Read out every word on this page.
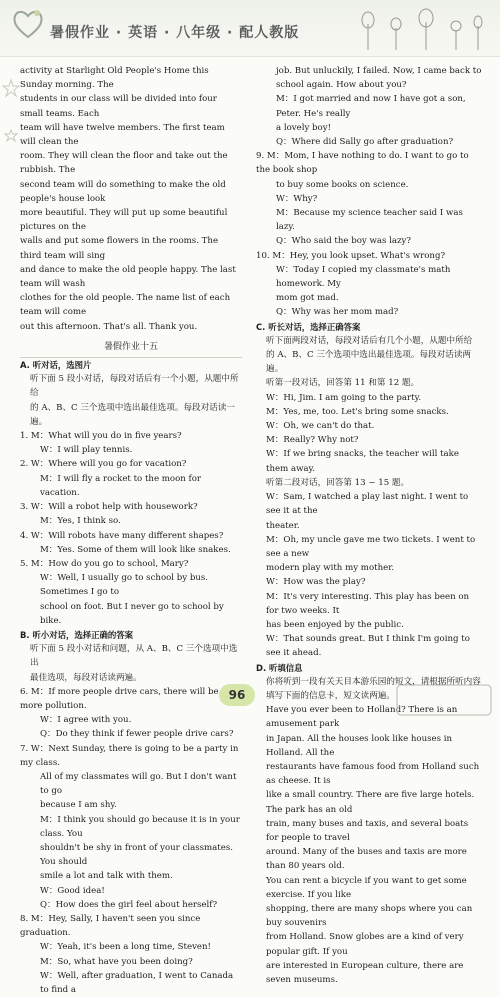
暑假作业 · 英语 · 八年级 · 配人教版

activity at Starlight Old People's Home this Sunday morning. The

students in our class will be divided into four small teams. Each

team will have twelve members. The first team will clean the

room. They will clean the floor and take out the rubbish. The

second team will do something to make the old people's house look

more beautiful. They will put up some beautiful pictures on the

walls and put some flowers in the rooms. The third team will sing

and dance to make the old people happy. The last team will wash

clothes for the old people. The name list of each team will come

out this afternoon. That's all. Thank you.

暑假作业十五

A. 听对话，选图片

听下面 5 段小对话，每段对话后有一个小题，从题中所给

的 A、B、C 三个选项中选出最佳选项。每段对话读一遍。

1. M：What will you do in five years?

W：I will play tennis.

2. W：Where will you go for vacation?

M：I will fly a rocket to the moon for vacation.

3. W：Will a robot help with housework?

M：Yes, I think so.

4. W：Will robots have many different shapes?

M：Yes. Some of them will look like snakes.

5. M：How do you go to school, Mary?

W：Well, I usually go to school by bus. Sometimes I go to

school on foot. But I never go to school by bike.

B. 听小对话，选择正确的答案

听下面 5 段小对话和问题，从 A、B、C 三个选项中选出

最佳选项，每段对话读两遍。

6. M：If more people drive cars, there will be more pollution.

W：I agree with you.

Q：Do they think if fewer people drive cars?

7. W：Next Sunday, there is going to be a party in my class.

All of my classmates will go. But I don't want to go

because I am shy.

M：I think you should go because it is in your class. You

shouldn't be shy in front of your classmates. You should

smile a lot and talk with them.

W：Good idea!

Q：How does the girl feel about herself?

8. M：Hey, Sally, I haven't seen you since graduation.

W：Yeah, it's been a long time, Steven!

M：So, what have you been doing?

W：Well, after graduation, I went to Canada to find a

job. But unluckily, I failed. Now, I came back to

school again. How about you?

M：I got married and now I have got a son, Peter. He's really

a lovely boy!

Q：Where did Sally go after graduation?

9. M：Mom, I have nothing to do. I want to go to the book shop

to buy some books on science.

W：Why?

M：Because my science teacher said I was lazy.

Q：Who said the boy was lazy?

10. M：Hey, you look upset. What's wrong?

W：Today I copied my classmate's math homework. My

mom got mad.

Q：Why was her mom mad?

C. 听长对话，选择正确答案

听下面两段对话，每段对话后有几个小题，从题中所给

的 A、B、C 三个选项中选出最佳选项。每段对话读两遍。

听第一段对话，回答第 11 和第 12 题。

W：Hi, Jim. I am going to the party.

M：Yes, me, too. Let's bring some snacks.

W：Oh, we can't do that.

M：Really? Why not?

W：If we bring snacks, the teacher will take them away.

听第二段对话，回答第 13 ~ 15 题。

W：Sam, I watched a play last night. I went to see it at the

theater.

M：Oh, my uncle gave me two tickets. I went to see a new

modern play with my mother.

W：How was the play?

M：It's very interesting. This play has been on for two weeks. It

has been enjoyed by the public.

W：That sounds great. But I think I'm going to see it ahead.

D. 听填信息

你将听到一段有关天目本游乐园的短文，请根据所听内容

填写下面的信息卡，短文读两遍。

Have you ever been to Holland? There is an amusement park

in Japan. All the houses look like houses in Holland. All the

restaurants have famous food from Holland such as cheese. It is

like a small country. There are five large hotels. The park has an old

train, many buses and taxis, and several boats for people to travel

around. Many of the buses and taxis are more than 80 years old.

You can rent a bicycle if you want to get some exercise. If you like

shopping, there are many shops where you can buy souvenirs

from Holland. Snow globes are a kind of very popular gift. If you

are interested in European culture, there are seven museums.

96
